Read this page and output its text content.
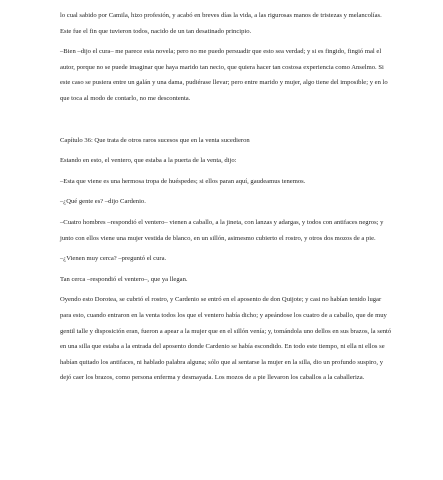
lo cual sabido por Camila, hizo profesión, y acabó en breves días la vida, a las rigurosas manos de tristezas y melancolías. Este fue el fin que tuvieron todos, nacido de un tan desatinado principio.

–Bien –dijo el cura– me parece esta novela; pero no me puedo persuadir que esto sea verdad; y si es fingido, fingió mal el autor, porque no se puede imaginar que haya marido tan necio, que quiera hacer tan costosa experiencia como Anselmo. Si este caso se pusiera entre un galán y una dama, pudiérase llevar; pero entre marido y mujer, algo tiene del imposible; y en lo que toca al modo de contarlo, no me descontenta.

Capítulo 36: Que trata de otros raros sucesos que en la venta sucedieron

Estando en esto, el ventero, que estaba a la puerta de la venta, dijo:

–Esta que viene es una hermosa tropa de huéspedes; si ellos paran aquí, gaudeamus tenemos.

–¿Qué gente es? –dijo Cardenio.

–Cuatro hombres –respondió el ventero– vienen a caballo, a la jineta, con lanzas y adargas, y todos con antifaces negros; y junto con ellos viene una mujer vestida de blanco, en un sillón, asimesmo cubierto el rostro, y otros dos mozos de a pie.

–¿Vienen muy cerca? –preguntó el cura.

Tan cerca –respondió el ventero–, que ya llegan.

Oyendo esto Dorotea, se cubrió el rostro, y Cardenio se entró en el aposento de don Quijote; y casi no habían tenido lugar para esto, cuando entraron en la venta todos los que el ventero había dicho; y apeándose los cuatro de a caballo, que de muy gentil talle y disposición eran, fueron a apear a la mujer que en el sillón venía; y, tomándola uno dellos en sus brazos, la sentó en una silla que estaba a la entrada del aposento donde Cardenio se había escondido. En todo este tiempo, ni ella ni ellos se habían quitado los antifaces, ni hablado palabra alguna; sólo que al sentarse la mujer en la silla, dio un profundo suspiro, y dejó caer los brazos, como persona enferma y desmayada. Los mozos de a pie llevaron los caballos a la caballeriza.
